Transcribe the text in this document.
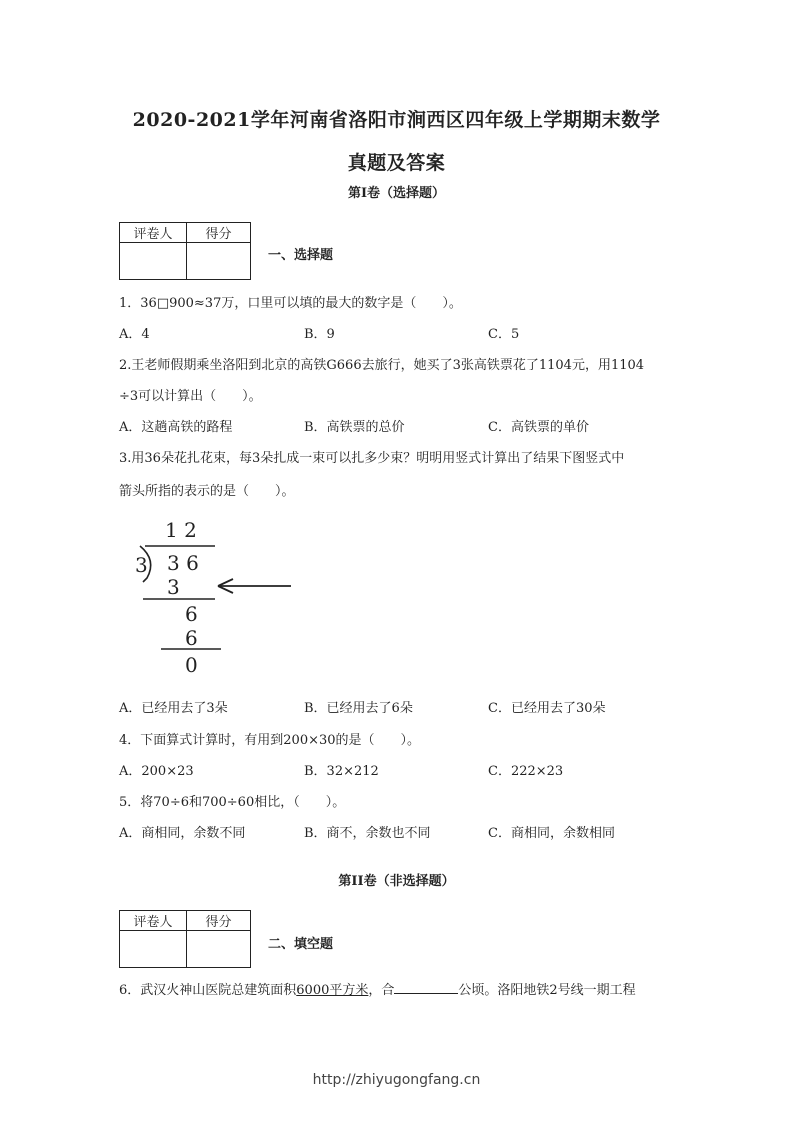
2020-2021学年河南省洛阳市涧西区四年级上学期期末数学
真题及答案
第I卷（选择题）
评卷人	得分

一、选择题
1．36□900≈37万，口里可以填的最大的数字是（　　）。
A．4	B．9	C．5
2.王老师假期乘坐洛阳到北京的高铁G666去旅行，她买了3张高铁票花了1104元，用1104
÷3可以计算出（　　）。
A．这趟高铁的路程	B．高铁票的总价	C．高铁票的单价
3.用36朵花扎花束，每3朵扎成一束可以扎多少束？明明用竖式计算出了结果下图竖式中
箭头所指的表示的是（　　）。
1 2
3 3 6
3
6
6
0
A．已经用去了3朵	B．已经用去了6朵	C．已经用去了30朵
4．下面算式计算时，有用到200×30的是（　　）。
A．200×23	B．32×212	C．222×23
5．将70÷6和700÷60相比，（　　）。
A．商相同，余数不同	B．商不，余数也不同	C．商相同，余数相同
第II卷（非选择题）
评卷人	得分

二、填空题
6．武汉火神山医院总建筑面积6000平方米，合	公顷。洛阳地铁2号线一期工程
http://zhiyugongfang.cn
